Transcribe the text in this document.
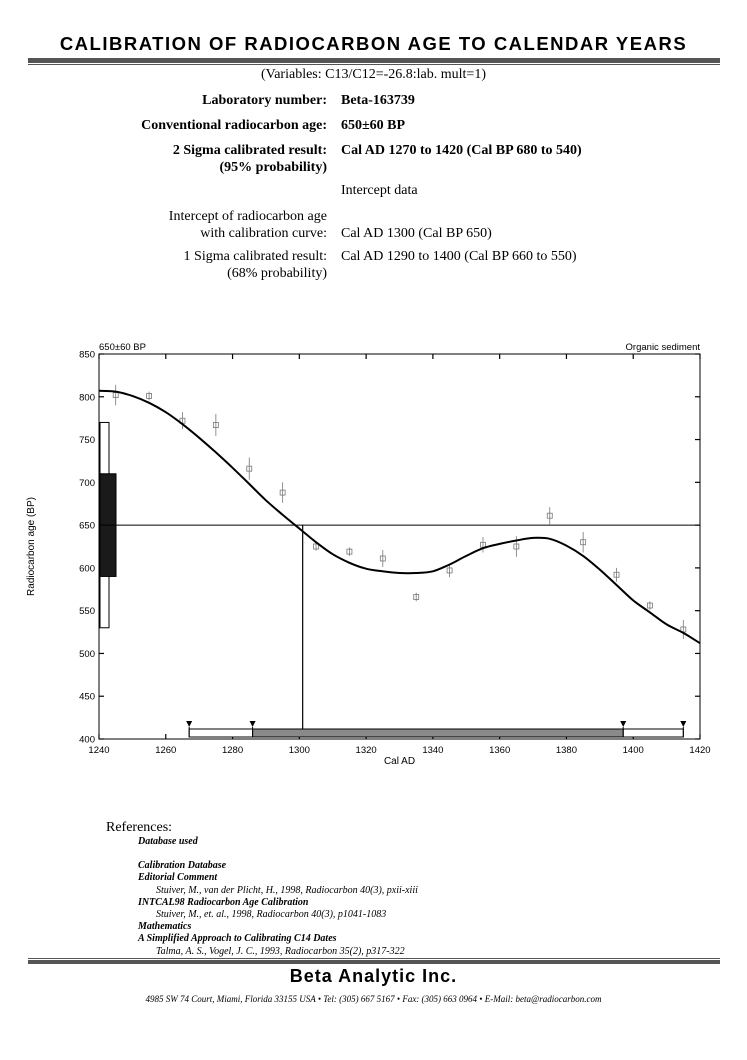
CALIBRATION OF RADIOCARBON AGE TO CALENDAR YEARS
(Variables: C13/C12=-26.8:lab. mult=1)
Laboratory number: Beta-163739
Conventional radiocarbon age: 650±60 BP
2 Sigma calibrated result:
(95% probability)
Cal AD 1270 to 1420 (Cal BP 680 to 540)
Intercept data
Intercept of radiocarbon age
with calibration curve: Cal AD 1300 (Cal BP 650)
1 Sigma calibrated result:
(68% probability)
Cal AD 1290 to 1400 (Cal BP 660 to 550)
1240	1260	1280	1300	1320	1340	1360	1380	1400	1420
400
450
500
550
600
650
700
750
800
850
Cal AD
Radiocarbon age (BP)
650±60 BP	Organic sediment
References:
Database used
Calibration Database
Editorial Comment
Stuiver, M., van der Plicht, H., 1998, Radiocarbon 40(3), pxii-xiii
INTCAL98 Radiocarbon Age Calibration
Stuiver, M., et. al., 1998, Radiocarbon 40(3), p1041-1083
Mathematics
A Simplified Approach to Calibrating C14 Dates
Talma, A. S., Vogel, J. C., 1993, Radiocarbon 35(2), p317-322
Beta Analytic Inc.
4985 SW 74 Court, Miami, Florida 33155 USA • Tel: (305) 667 5167 • Fax: (305) 663 0964 • E-Mail: beta@radiocarbon.com
